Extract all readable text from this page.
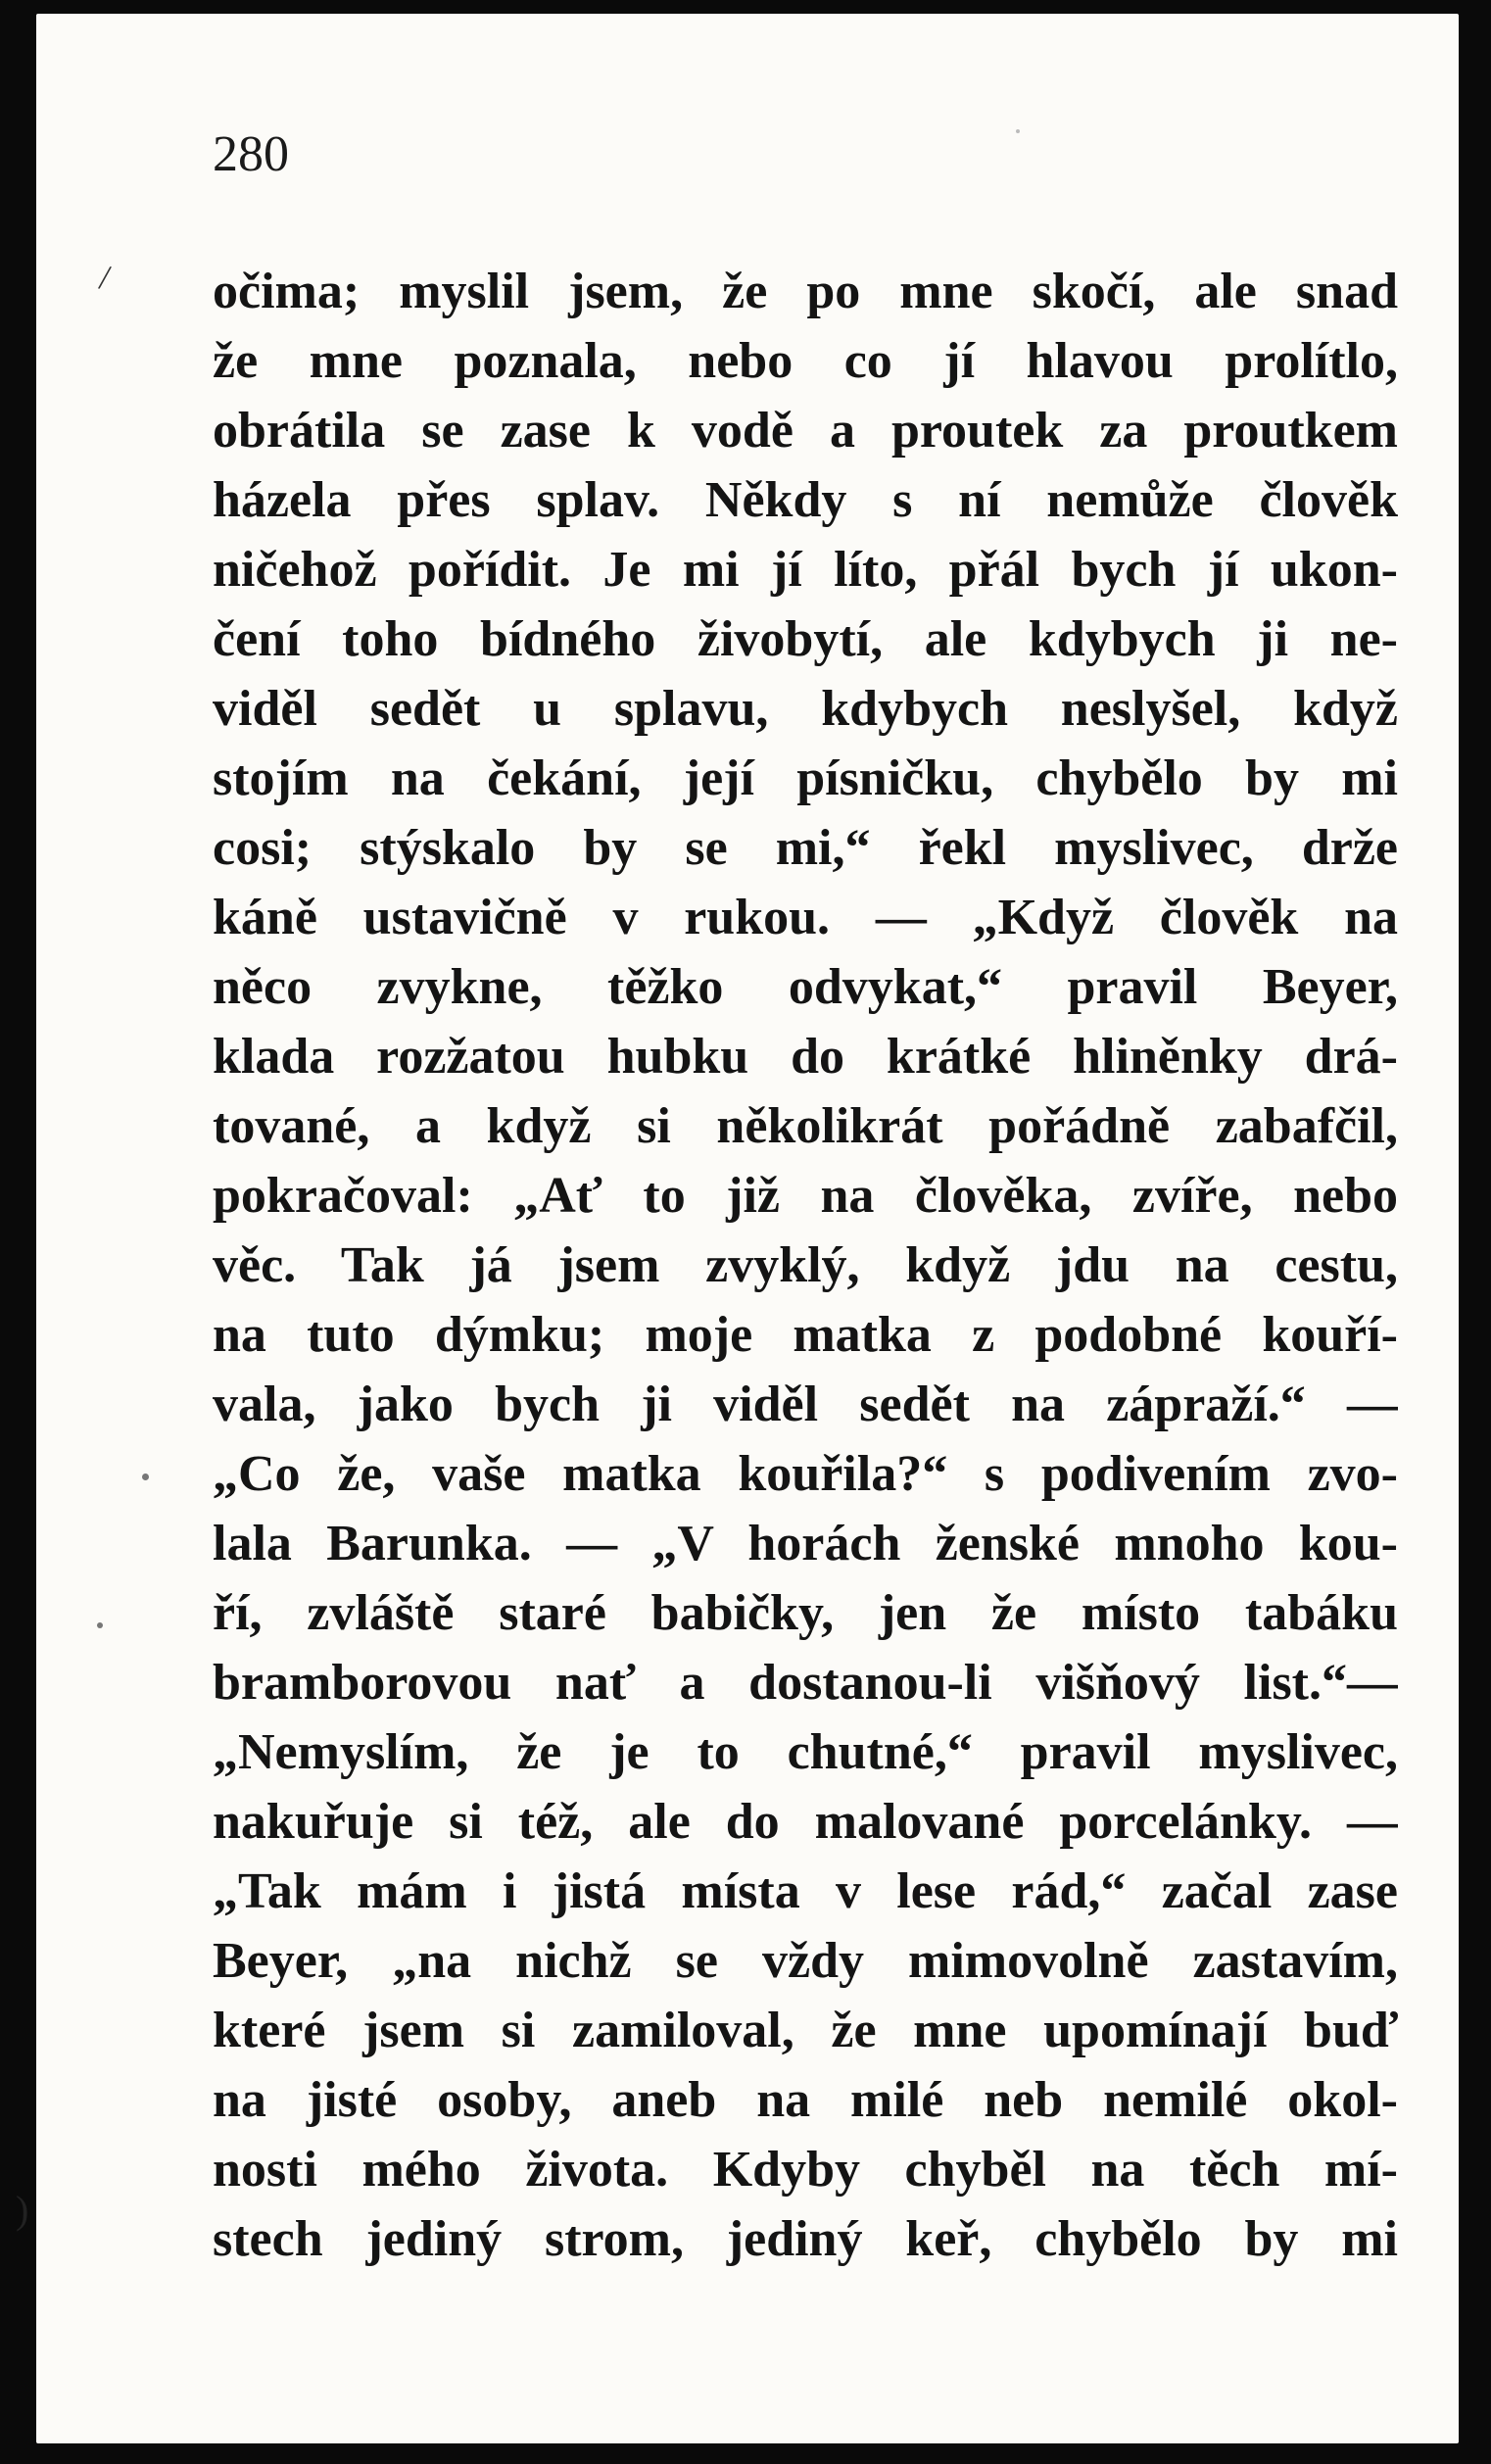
280
očima; myslil jsem, že po mne skočí, ale snad
že mne poznala, nebo co jí hlavou prolítlo,
obrátila se zase k vodě a proutek za proutkem
házela přes splav. Někdy s ní nemůže člověk
ničehož pořídit. Je mi jí líto, přál bych jí ukon-
čení toho bídného živobytí, ale kdybych ji ne-
viděl sedět u splavu, kdybych neslyšel, když
stojím na čekání, její písničku, chybělo by mi
cosi; stýskalo by se mi,“ řekl myslivec, drže
káně ustavičně v rukou. — „Když člověk na
něco zvykne, těžko odvykat,“ pravil Beyer,
klada rozžatou hubku do krátké hliněnky drá-
tované, a když si několikrát pořádně zabafčil,
pokračoval: „Ať to již na člověka, zvíře, nebo
věc. Tak já jsem zvyklý, když jdu na cestu,
na tuto dýmku; moje matka z podobné kouří-
vala, jako bych ji viděl sedět na zápraží.“ —
„Co že, vaše matka kouřila?“ s podivením zvo-
lala Barunka. — „V horách ženské mnoho kou-
ří, zvláště staré babičky, jen že místo tabáku
bramborovou nať a dostanou-li višňový list.“—
„Nemyslím, že je to chutné,“ pravil myslivec,
nakuřuje si též, ale do malované porcelánky. —
„Tak mám i jistá místa v lese rád,“ začal zase
Beyer, „na nichž se vždy mimovolně zastavím,
které jsem si zamiloval, že mne upomínají buď
na jisté osoby, aneb na milé neb nemilé okol-
nosti mého života. Kdyby chyběl na těch mí-
stech jediný strom, jediný keř, chybělo by mi
/
)
